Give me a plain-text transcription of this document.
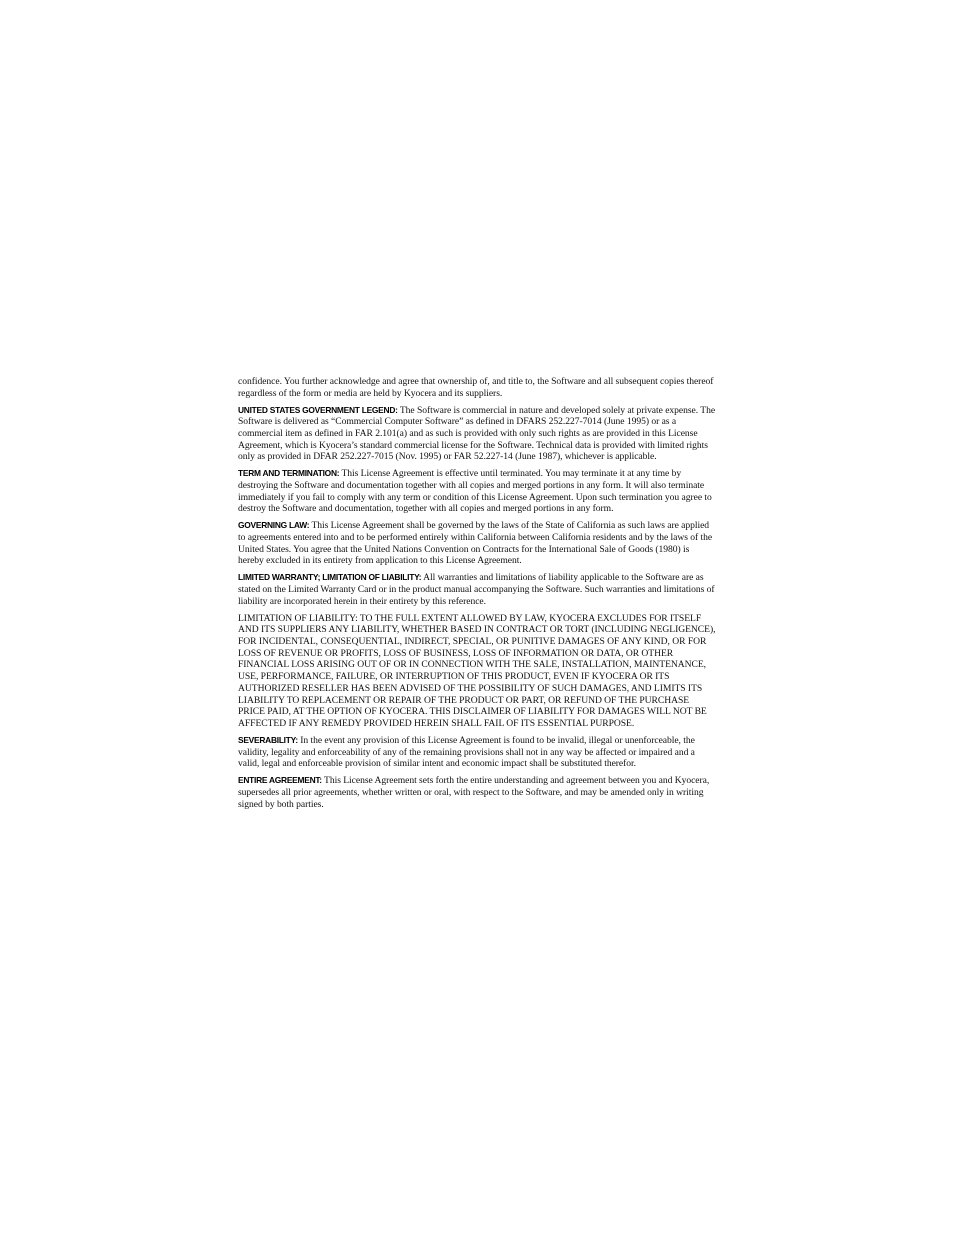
confidence. You further acknowledge and agree that ownership of, and title to, the Software and all subsequent copies thereof regardless of the form or media are held by Kyocera and its suppliers.

UNITED STATES GOVERNMENT LEGEND: The Software is commercial in nature and developed solely at private expense. The Software is delivered as “Commercial Computer Software” as defined in DFARS 252.227-7014 (June 1995) or as a commercial item as defined in FAR 2.101(a) and as such is provided with only such rights as are provided in this License Agreement, which is Kyocera’s standard commercial license for the Software. Technical data is provided with limited rights only as provided in DFAR 252.227-7015 (Nov. 1995) or FAR 52.227-14 (June 1987), whichever is applicable.

TERM AND TERMINATION: This License Agreement is effective until terminated. You may terminate it at any time by destroying the Software and documentation together with all copies and merged portions in any form. It will also terminate immediately if you fail to comply with any term or condition of this License Agreement. Upon such termination you agree to destroy the Software and documentation, together with all copies and merged portions in any form.

GOVERNING LAW: This License Agreement shall be governed by the laws of the State of California as such laws are applied to agreements entered into and to be performed entirely within California between California residents and by the laws of the United States. You agree that the United Nations Convention on Contracts for the International Sale of Goods (1980) is hereby excluded in its entirety from application to this License Agreement.

LIMITED WARRANTY; LIMITATION OF LIABILITY: All warranties and limitations of liability applicable to the Software are as stated on the Limited Warranty Card or in the product manual accompanying the Software. Such warranties and limitations of liability are incorporated herein in their entirety by this reference.

LIMITATION OF LIABILITY: TO THE FULL EXTENT ALLOWED BY LAW, KYOCERA EXCLUDES FOR ITSELF AND ITS SUPPLIERS ANY LIABILITY, WHETHER BASED IN CONTRACT OR TORT (INCLUDING NEGLIGENCE), FOR INCIDENTAL, CONSEQUENTIAL, INDIRECT, SPECIAL, OR PUNITIVE DAMAGES OF ANY KIND, OR FOR LOSS OF REVENUE OR PROFITS, LOSS OF BUSINESS, LOSS OF INFORMATION OR DATA, OR OTHER FINANCIAL LOSS ARISING OUT OF OR IN CONNECTION WITH THE SALE, INSTALLATION, MAINTENANCE, USE, PERFORMANCE, FAILURE, OR INTERRUPTION OF THIS PRODUCT, EVEN IF KYOCERA OR ITS AUTHORIZED RESELLER HAS BEEN ADVISED OF THE POSSIBILITY OF SUCH DAMAGES, AND LIMITS ITS LIABILITY TO REPLACEMENT OR REPAIR OF THE PRODUCT OR PART, OR REFUND OF THE PURCHASE PRICE PAID, AT THE OPTION OF KYOCERA. THIS DISCLAIMER OF LIABILITY FOR DAMAGES WILL NOT BE AFFECTED IF ANY REMEDY PROVIDED HEREIN SHALL FAIL OF ITS ESSENTIAL PURPOSE.

SEVERABILITY: In the event any provision of this License Agreement is found to be invalid, illegal or unenforceable, the validity, legality and enforceability of any of the remaining provisions shall not in any way be affected or impaired and a valid, legal and enforceable provision of similar intent and economic impact shall be substituted therefor.

ENTIRE AGREEMENT: This License Agreement sets forth the entire understanding and agreement between you and Kyocera, supersedes all prior agreements, whether written or oral, with respect to the Software, and may be amended only in writing signed by both parties.
